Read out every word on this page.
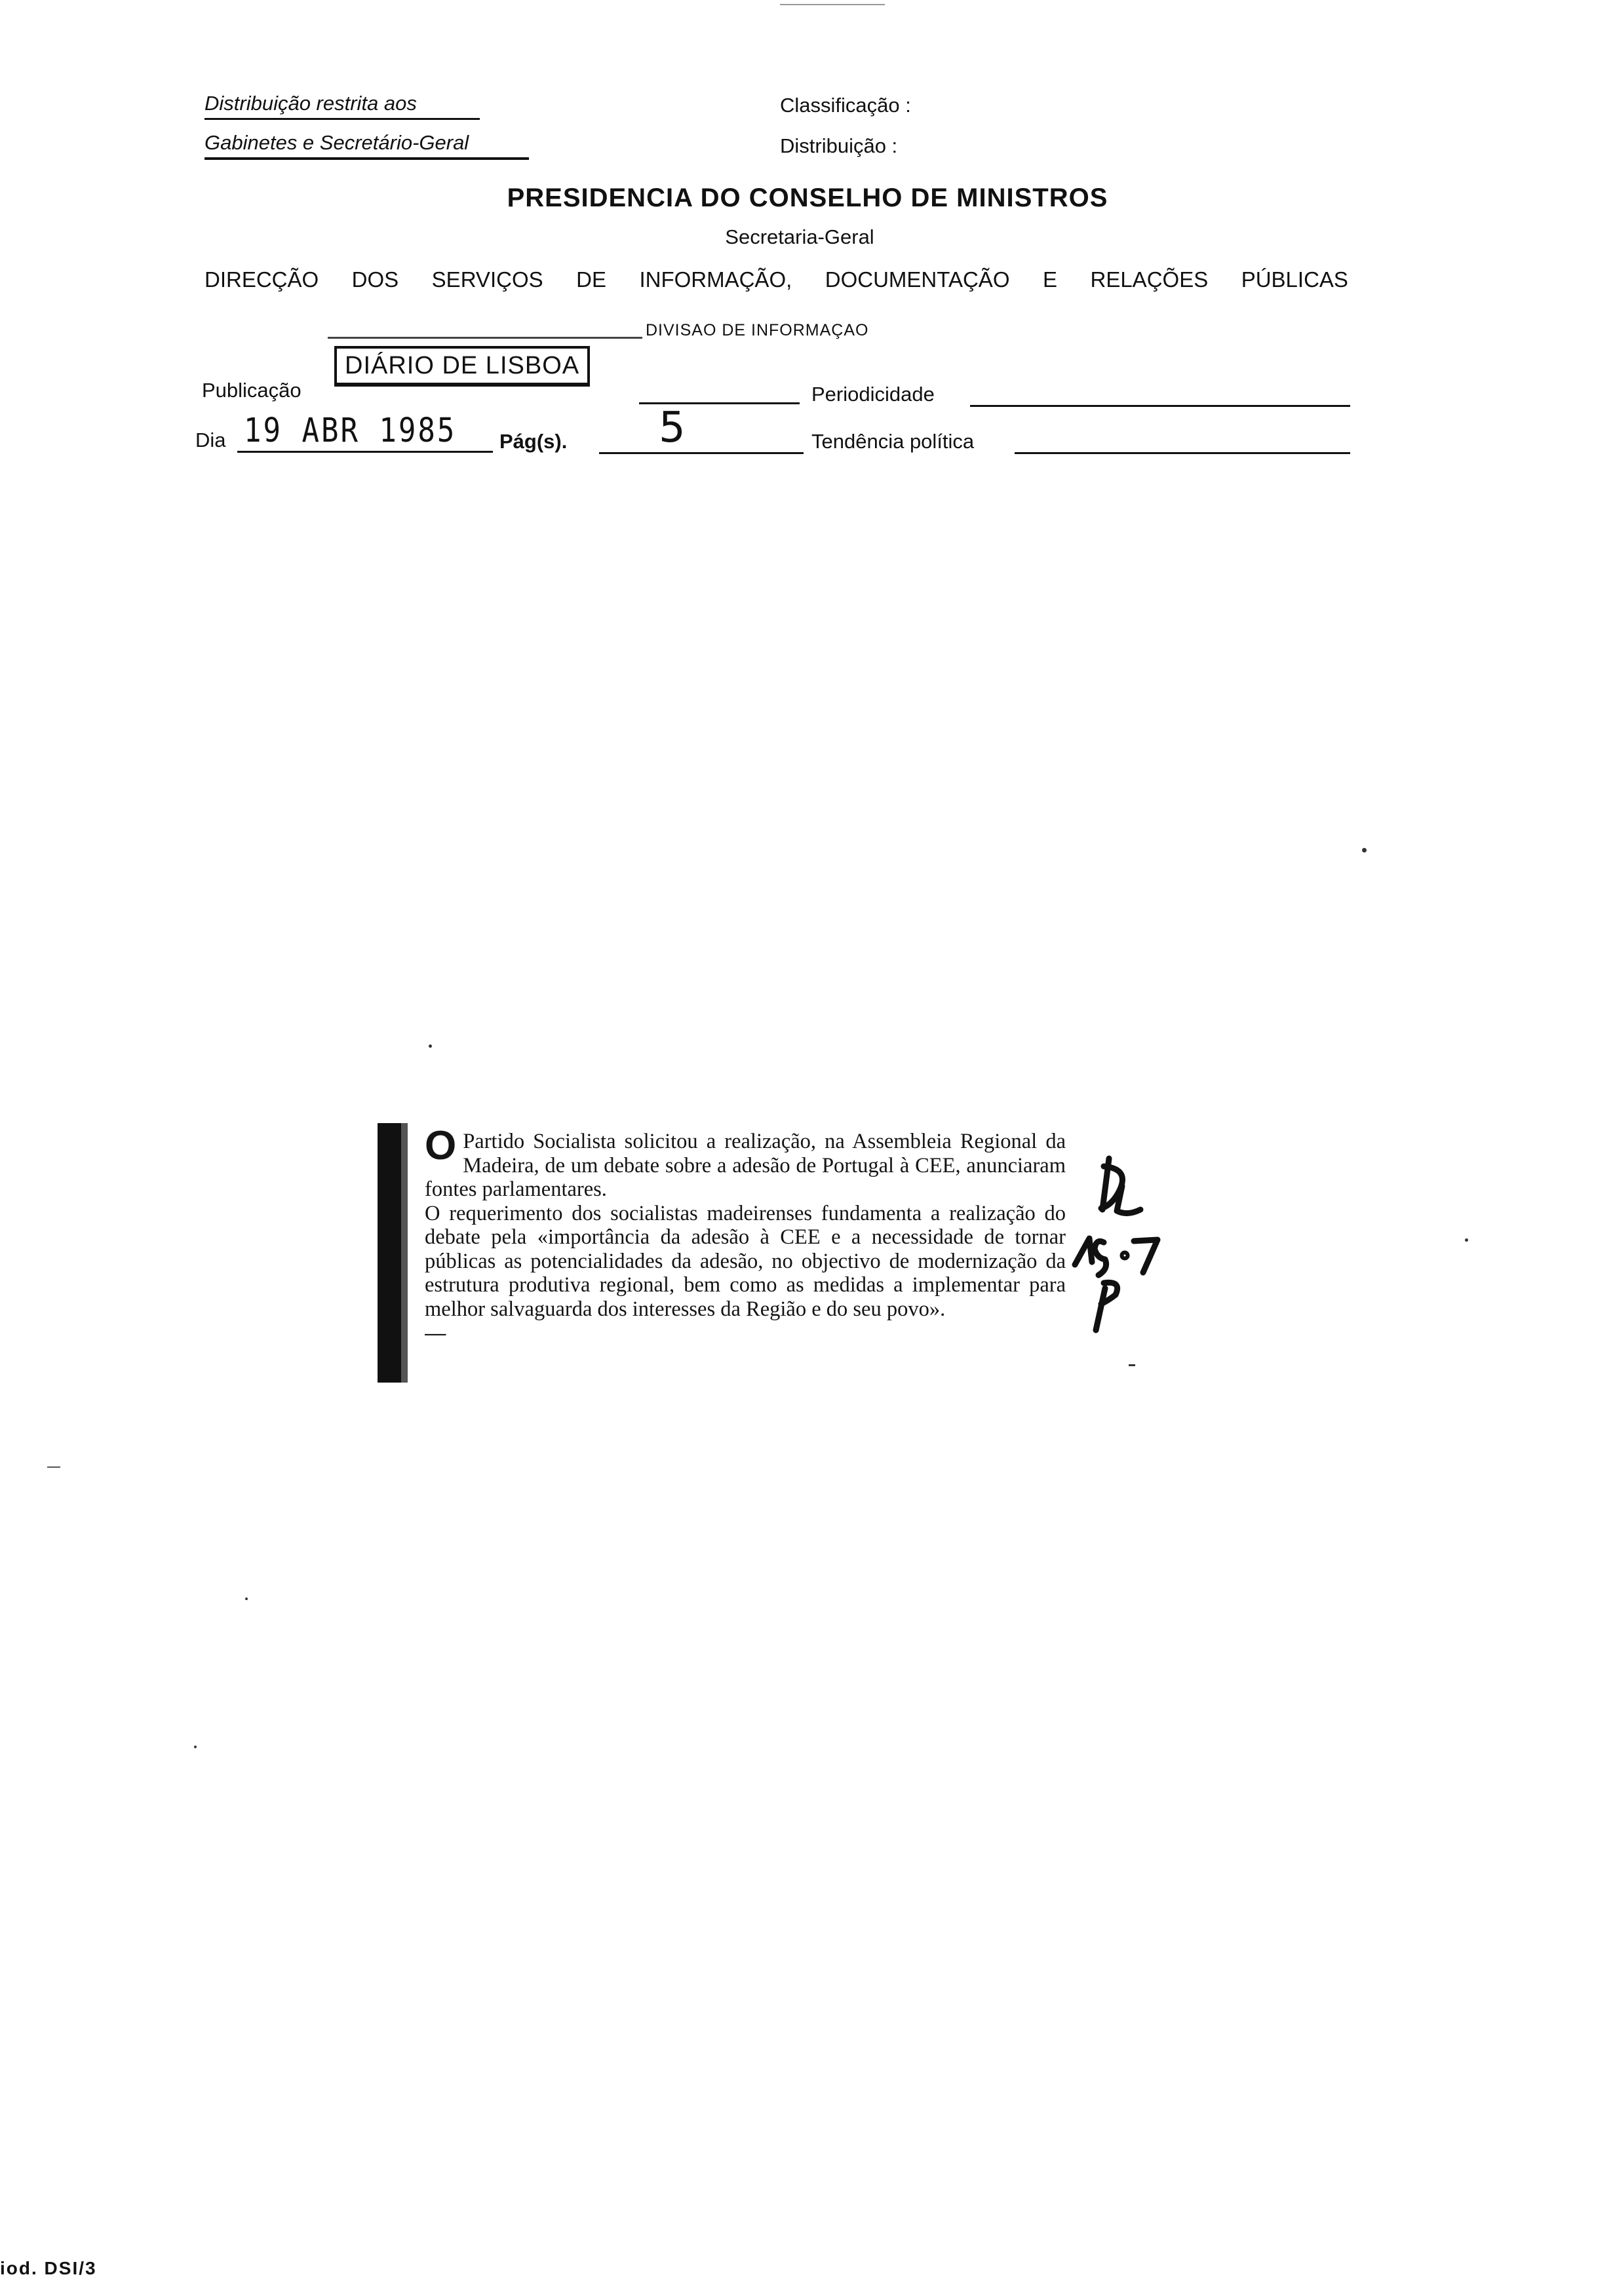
Distribuição restrita aos
Gabinetes e Secretário-Geral
Classificação :
Distribuição :
PRESIDENCIA DO CONSELHO DE MINISTROS
Secretaria-Geral
DIRECÇÃO DOS SERVIÇOS DE INFORMAÇÃO, DOCUMENTAÇÃO E RELAÇÕES PÚBLICAS
DIVISAO DE INFORMAÇAO
Publicação
DIÁRIO DE LISBOA
Periodicidade
Dia 19 ABR 1985 Pág(s). 5	Tendência política

O Partido Socialista solicitou a realização, na Assembleia Regional da Madeira, de um debate sobre a adesão de Portugal à CEE, anunciaram fontes parlamentares.

O requerimento dos socialistas madeirenses fundamenta a realização do debate pela «importância da adesão à CEE e a necessidade de tornar públicas as potencialidades da adesão, no objectivo de modernização da estrutura produtiva regional, bem como as medidas a implementar para melhor salvaguarda dos interesses da Região e do seu povo».

—

iod. DSI/3
